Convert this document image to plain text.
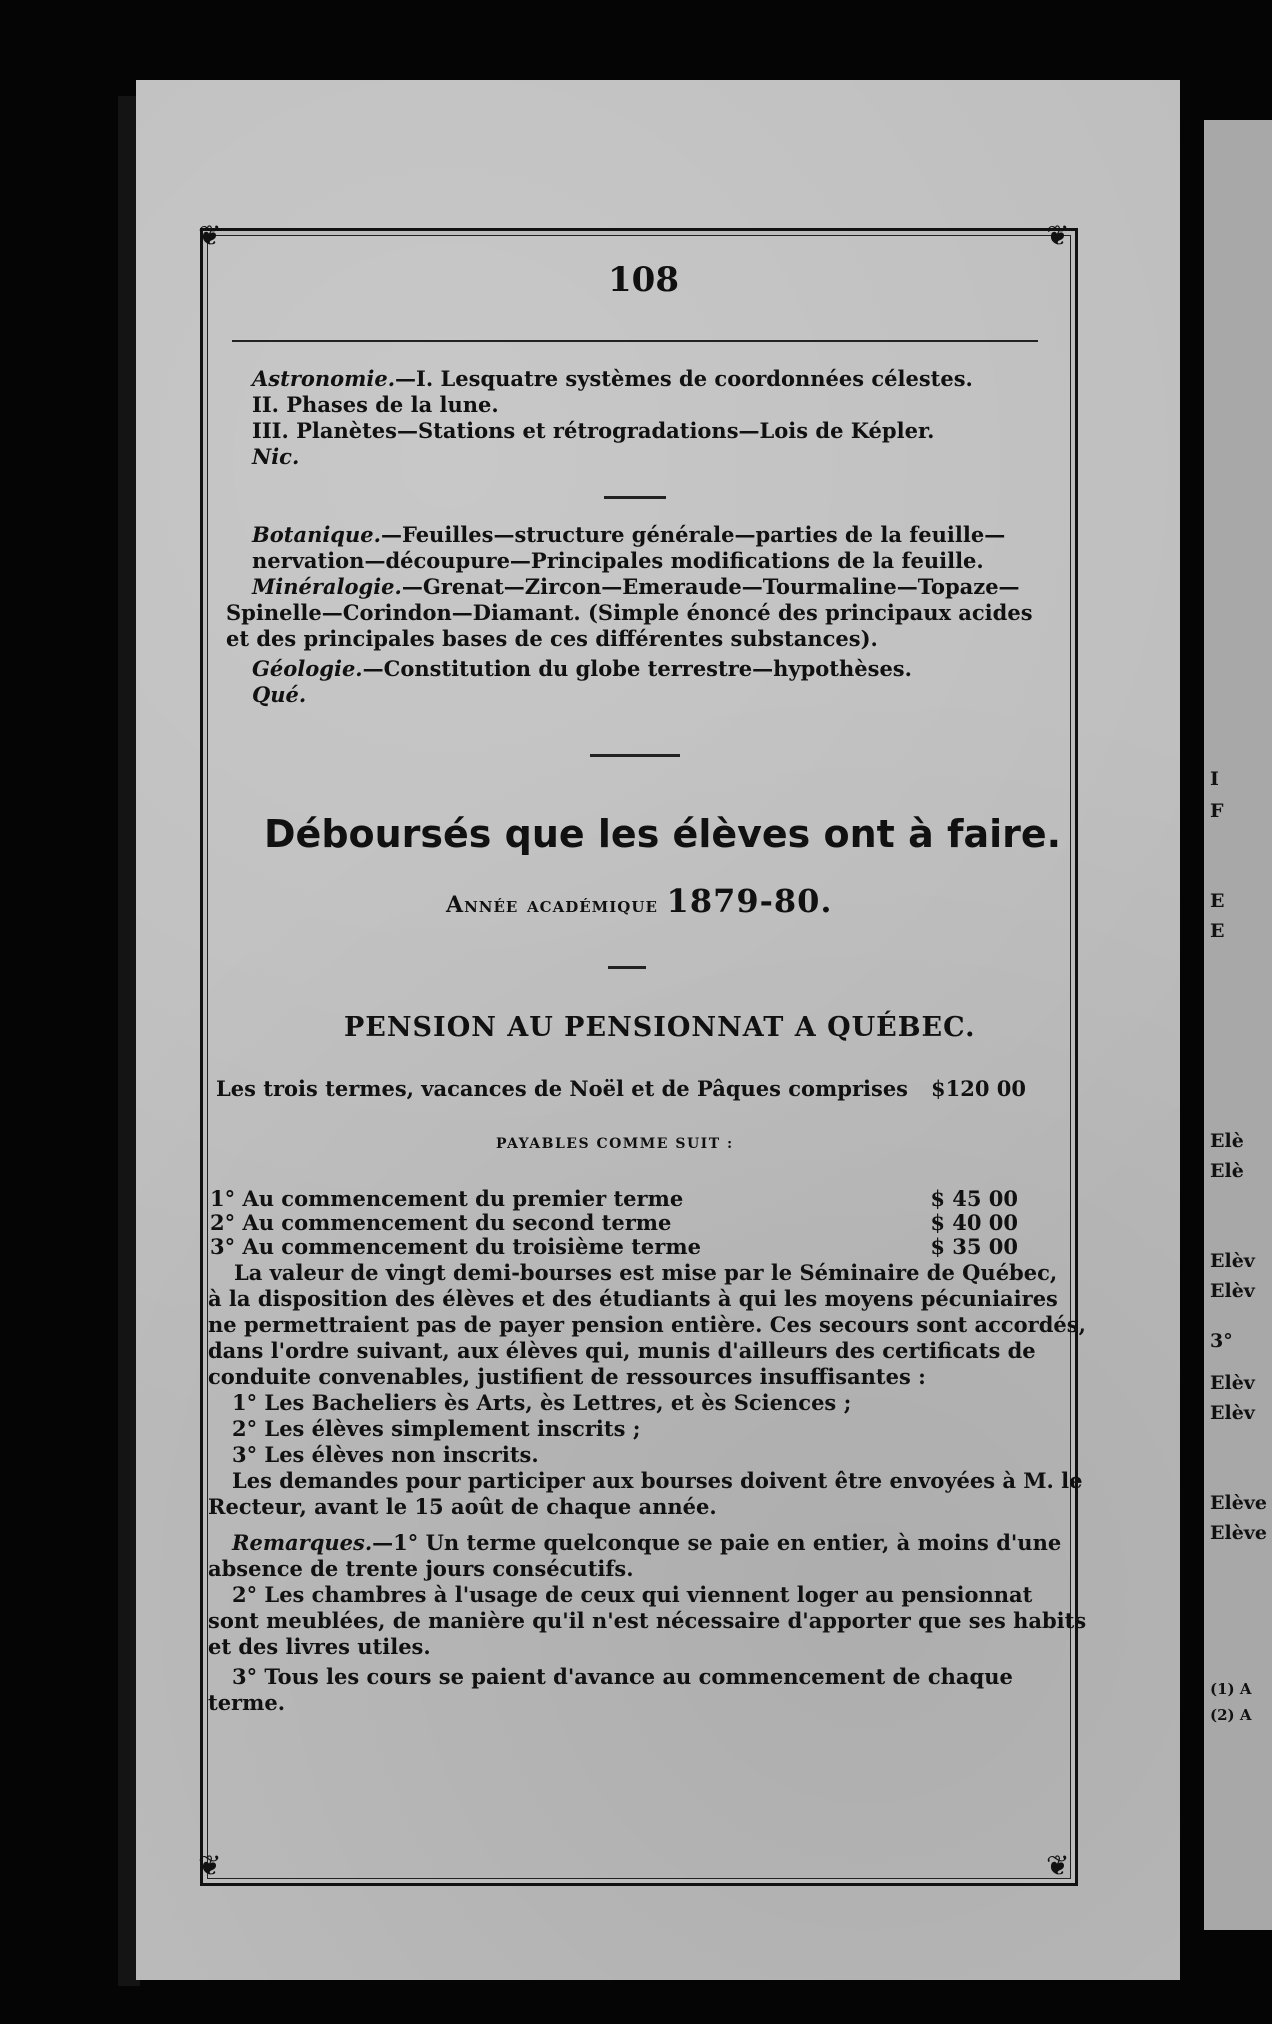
I
F
E
E
Elè
Elè
Elèv
Elèv
3°
Elèv
Elèv
Elève
Elève
(1) A
(2) A
❦	❦
❦	❦
108
Astronomie.—I. Lesquatre systèmes de coordonnées célestes.
II. Phases de la lune.
III. Planètes—Stations et rétrogradations—Lois de Képler.
Nic.
Botanique.—Feuilles—structure générale—parties de la feuille—nervation—découpure—Principales modifications de la feuille.
Minéralogie.—Grenat—Zircon—Emeraude—Tourmaline—Topaze—Spinelle—Corindon—Diamant. (Simple énoncé des principaux acides et des principales bases de ces différentes substances).
Géologie.—Constitution du globe terrestre—hypothèses.
Qué.
Déboursés que les élèves ont à faire.
Année académique 1879-80.
PENSION AU PENSIONNAT A QUÉBEC.
Les trois termes, vacances de Noël et de Pâques comprises $120 00
PAYABLES COMME SUIT :
1° Au commencement du premier terme	$ 45 00
2° Au commencement du second terme	$ 40 00
3° Au commencement du troisième terme	$ 35 00
La valeur de vingt demi-bourses est mise par le Séminaire de Québec,
à la disposition des élèves et des étudiants à qui les moyens pécuniaires
ne permettraient pas de payer pension entière. Ces secours sont accordés,
dans l'ordre suivant, aux élèves qui, munis d'ailleurs des certificats de
conduite convenables, justifient de ressources insuffisantes :
1° Les Bacheliers ès Arts, ès Lettres, et ès Sciences ;
2° Les élèves simplement inscrits ;
3° Les élèves non inscrits.
Les demandes pour participer aux bourses doivent être envoyées à M. le
Recteur, avant le 15 août de chaque année.
Remarques.—1° Un terme quelconque se paie en entier, à moins d'une
absence de trente jours consécutifs.
2° Les chambres à l'usage de ceux qui viennent loger au pensionnat
sont meublées, de manière qu'il n'est nécessaire d'apporter que ses habits
et des livres utiles.
3° Tous les cours se paient d'avance au commencement de chaque
terme.
